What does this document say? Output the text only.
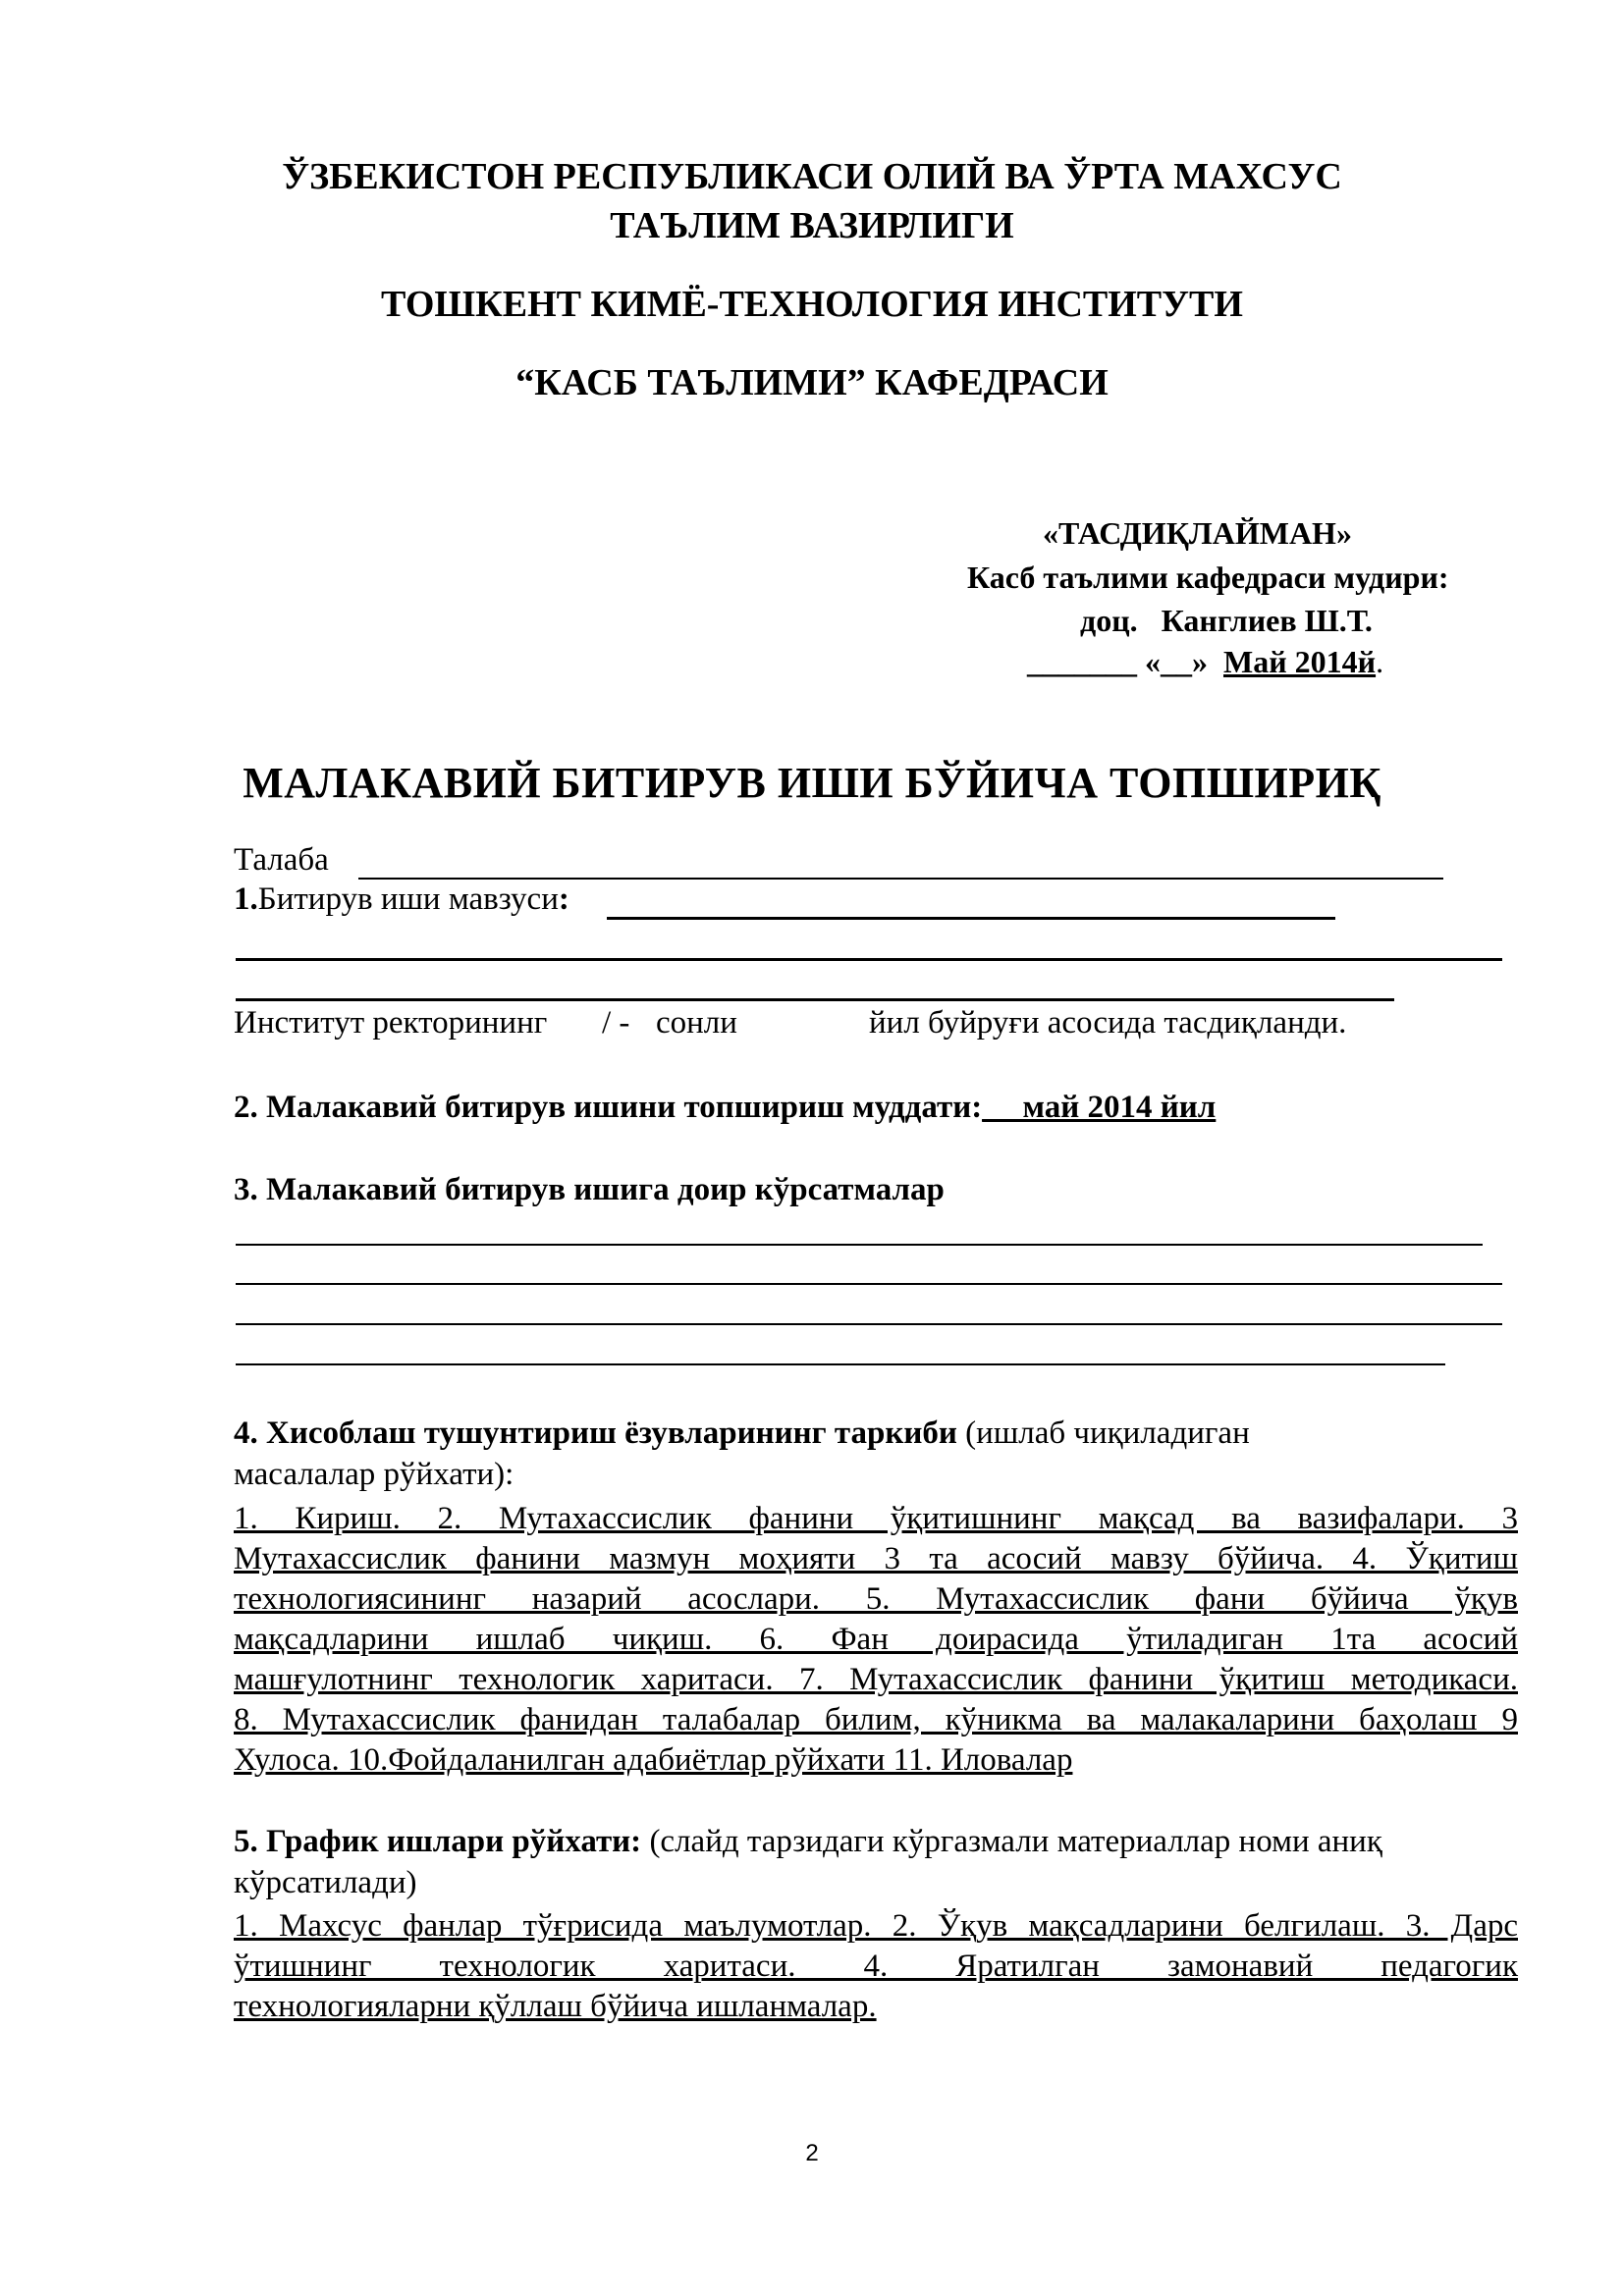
ЎЗБЕКИСТОН РЕСПУБЛИКАСИ ОЛИЙ ВА ЎРТА МАХСУС
ТАЪЛИМ ВАЗИРЛИГИ
ТОШКЕНТ КИМЁ-ТЕХНОЛОГИЯ ИНСТИТУТИ
“КАСБ ТАЪЛИМИ” КАФЕДРАСИ
«ТАСДИҚЛАЙМАН»
Касб таълими кафедраси мудири:
доц. Канглиев Ш.Т.
_______ «__» Май 2014й.
МАЛАКАВИЙ БИТИРУВ ИШИ БЎЙИЧА ТОПШИРИҚ
Талаба
1.Битирув иши мавзуси:
Институт ректорининг / - сонли	йил буйруғи асосида тасдиқланди.
2. Малакавий битирув ишини топшириш муддати:__ май 2014 йил
3. Малакавий битирув ишига доир кўрсатмалар
4. Хисоблаш тушунтириш ёзувларининг таркиби (ишлаб чиқиладиган
масалалар рўйхати):
1. Кириш. 2. Мутахассислик фанини ўқитишнинг мақсад ва вазифалари. 3
Мутахассислик фанини мазмун моҳияти 3 та асосий мавзу бўйича. 4. Ўқитиш
технологиясининг назарий асослари. 5. Мутахассислик фани бўйича ўқув
мақсадларини ишлаб чиқиш. 6. Фан доирасида ўтиладиган 1та асосий
машғулотнинг технологик харитаси. 7. Мутахассислик фанини ўқитиш методикаси.
8. Мутахассислик фанидан талабалар билим, кўникма ва малакаларини баҳолаш 9
Хулоса. 10.Фойдаланилган адабиётлар рўйхати 11. Иловалар
5. График ишлари рўйхати: (слайд тарзидаги кўргазмали материаллар номи аниқ
кўрсатилади)
1. Махсус фанлар тўғрисида маълумотлар. 2. Ўқув мақсадларини белгилаш. 3. Дарс
ўтишнинг технологик харитаси. 4. Яратилган замонавий педагогик
технологияларни қўллаш бўйича ишланмалар.
2
